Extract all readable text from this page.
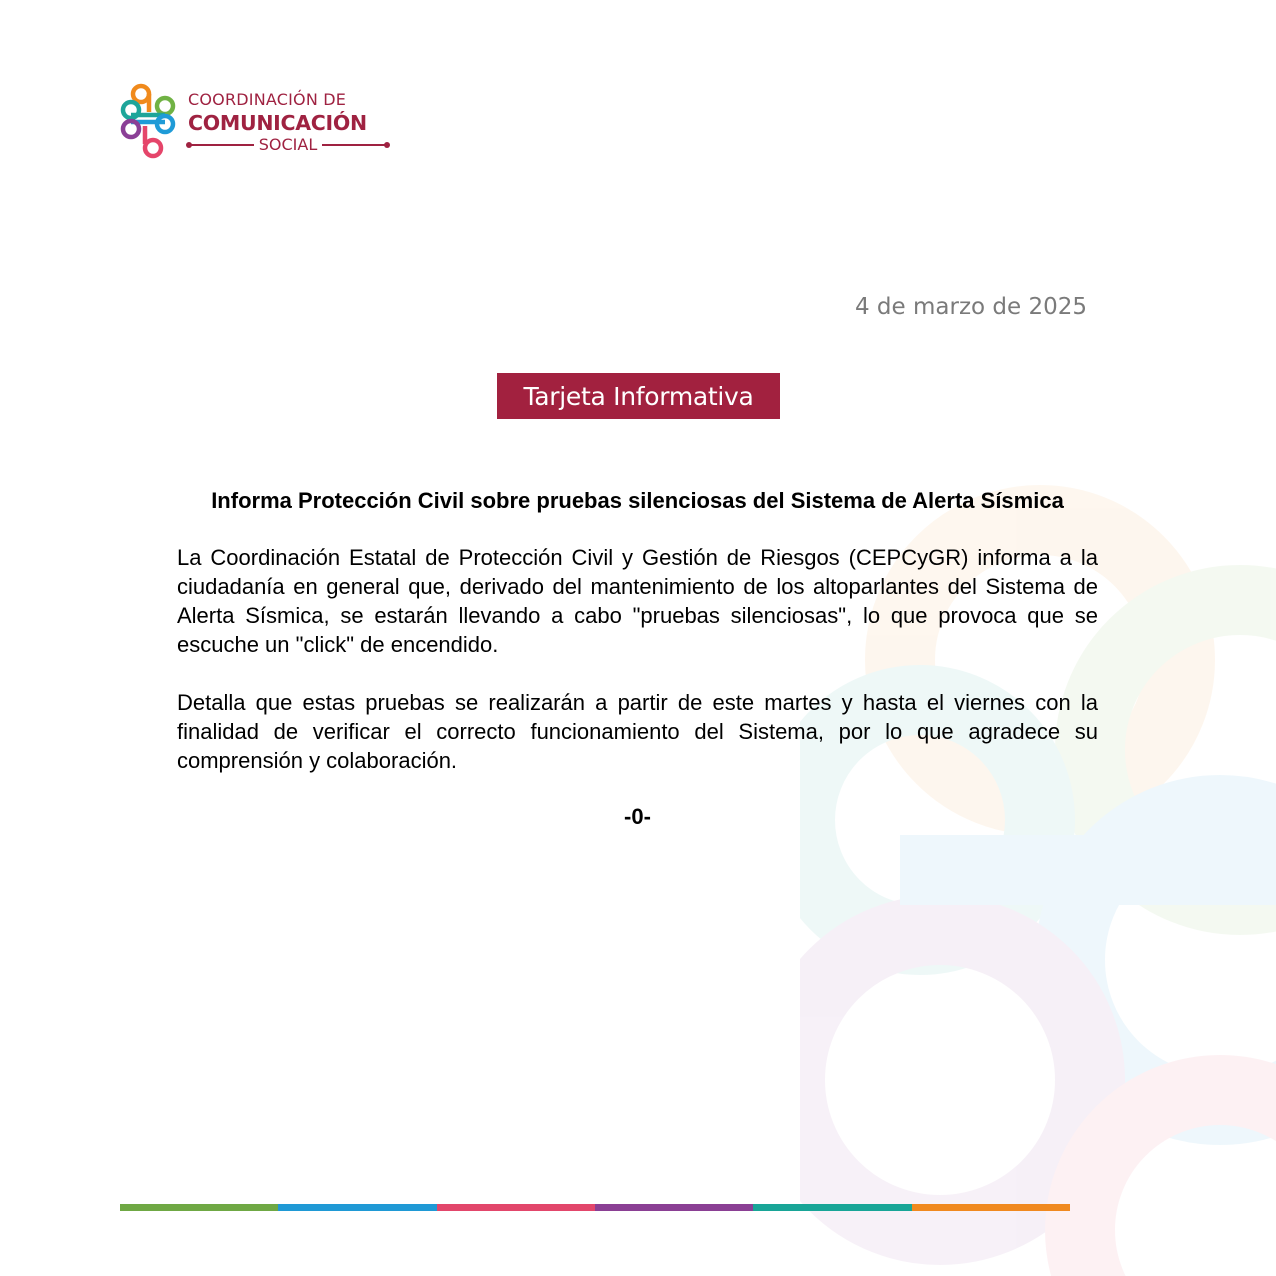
COORDINACIÓN DE
COMUNICACIÓN
SOCIAL
4 de marzo de 2025
Tarjeta Informativa

Informa Protección Civil sobre pruebas silenciosas del Sistema de Alerta Sísmica

La Coordinación Estatal de Protección Civil y Gestión de Riesgos (CEPCyGR) informa a la ciudadanía en general que, derivado del mantenimiento de los altoparlantes del Sistema de Alerta Sísmica, se estarán llevando a cabo "pruebas silenciosas", lo que provoca que se escuche un "click" de encendido.

Detalla que estas pruebas se realizarán a partir de este martes y hasta el viernes con la finalidad de verificar el correcto funcionamiento del Sistema, por lo que agradece su comprensión y colaboración.

-0-
